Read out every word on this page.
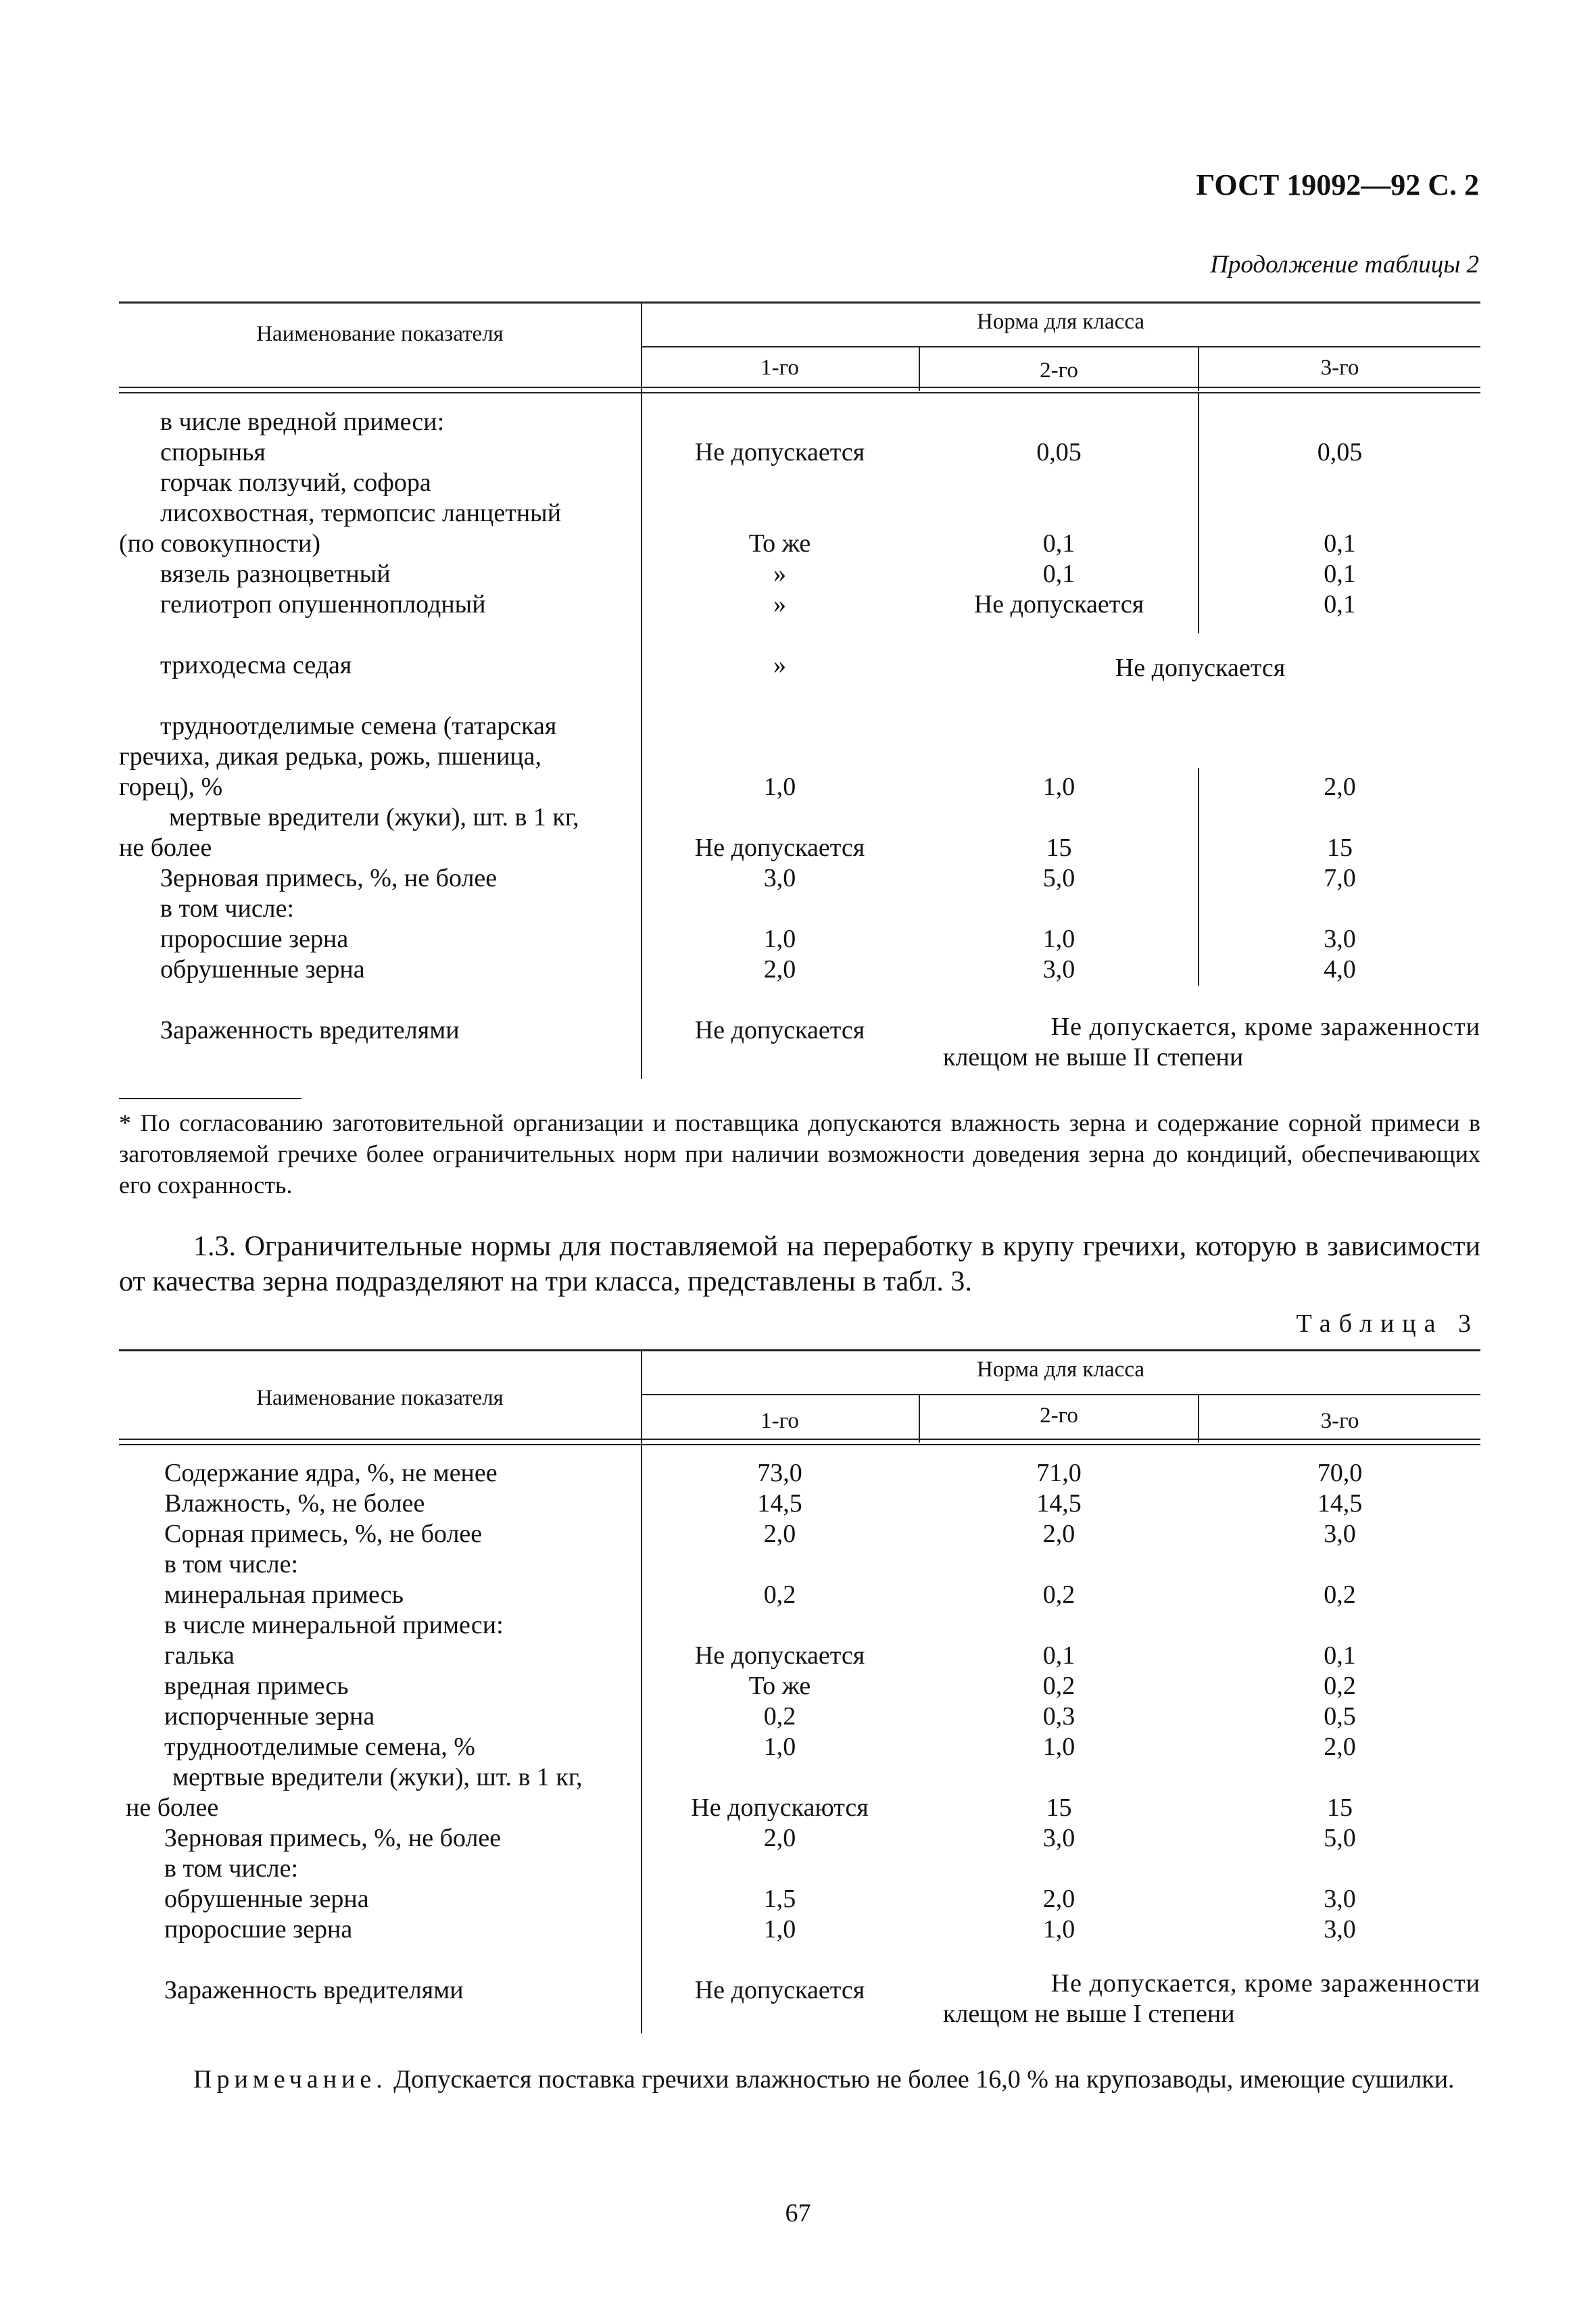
ГОСТ 19092—92 С. 2
Продолжение таблицы 2
Наименование показателя	Норма для класса
1-го	2-го	3-го
в числе вредной примеси:
спорынья	Не допускается	0,05	0,05
горчак ползучий, софора
лисохвостная, термопсис ланцетный
(по совокупности)	То же	0,1	0,1
вязель разноцветный	»	0,1	0,1
гелиотроп опушенноплодный	»	Не допускается	0,1
триходесма седая	»	Не допускается
трудноотделимые семена (татарская
гречиха, дикая редька, рожь, пшеница,
горец), %	1,0	1,0	2,0
мертвые вредители (жуки), шт. в 1 кг,
не более	Не допускается	15	15
Зерновая примесь, %, не более	3,0	5,0	7,0
в том числе:
проросшие зерна	1,0	1,0	3,0
обрушенные зерна	2,0	3,0	4,0
Зараженность вредителями	Не допускается	Не допускается, кроме зараженности
клещом не выше II степени
* По согласованию заготовительной организации и поставщика допускаются влажность зерна и содержание сорной примеси в заготовляемой гречихе более ограничительных норм при наличии возможности доведения зерна до кондиций, обеспечивающих его сохранность.
1.3. Ограничительные нормы для поставляемой на переработку в крупу гречихи, которую в зависимости от качества зерна подразделяют на три класса, представлены в табл. 3.
Таблица 3
Наименование показателя
Норма для класса
1-го	2-го	3-го
Содержание ядра, %, не менее	73,0	71,0	70,0
Влажность, %, не более	14,5	14,5	14,5
Сорная примесь, %, не более	2,0	2,0	3,0
в том числе:
минеральная примесь	0,2	0,2	0,2
в числе минеральной примеси:
галька	Не допускается	0,1	0,1
вредная примесь	То же	0,2	0,2
испорченные зерна	0,2	0,3	0,5
трудноотделимые семена, %	1,0	1,0	2,0
мертвые вредители (жуки), шт. в 1 кг,
не более	Не допускаются	15	15
Зерновая примесь, %, не более	2,0	3,0	5,0
в том числе:
обрушенные зерна	1,5	2,0	3,0
проросшие зерна	1,0	1,0	3,0
Зараженность вредителями	Не допускается	Не допускается, кроме зараженности
клещом не выше I степени
Примечание. Допускается поставка гречихи влажностью не более 16,0 % на крупозаводы, имеющие сушилки.
67
